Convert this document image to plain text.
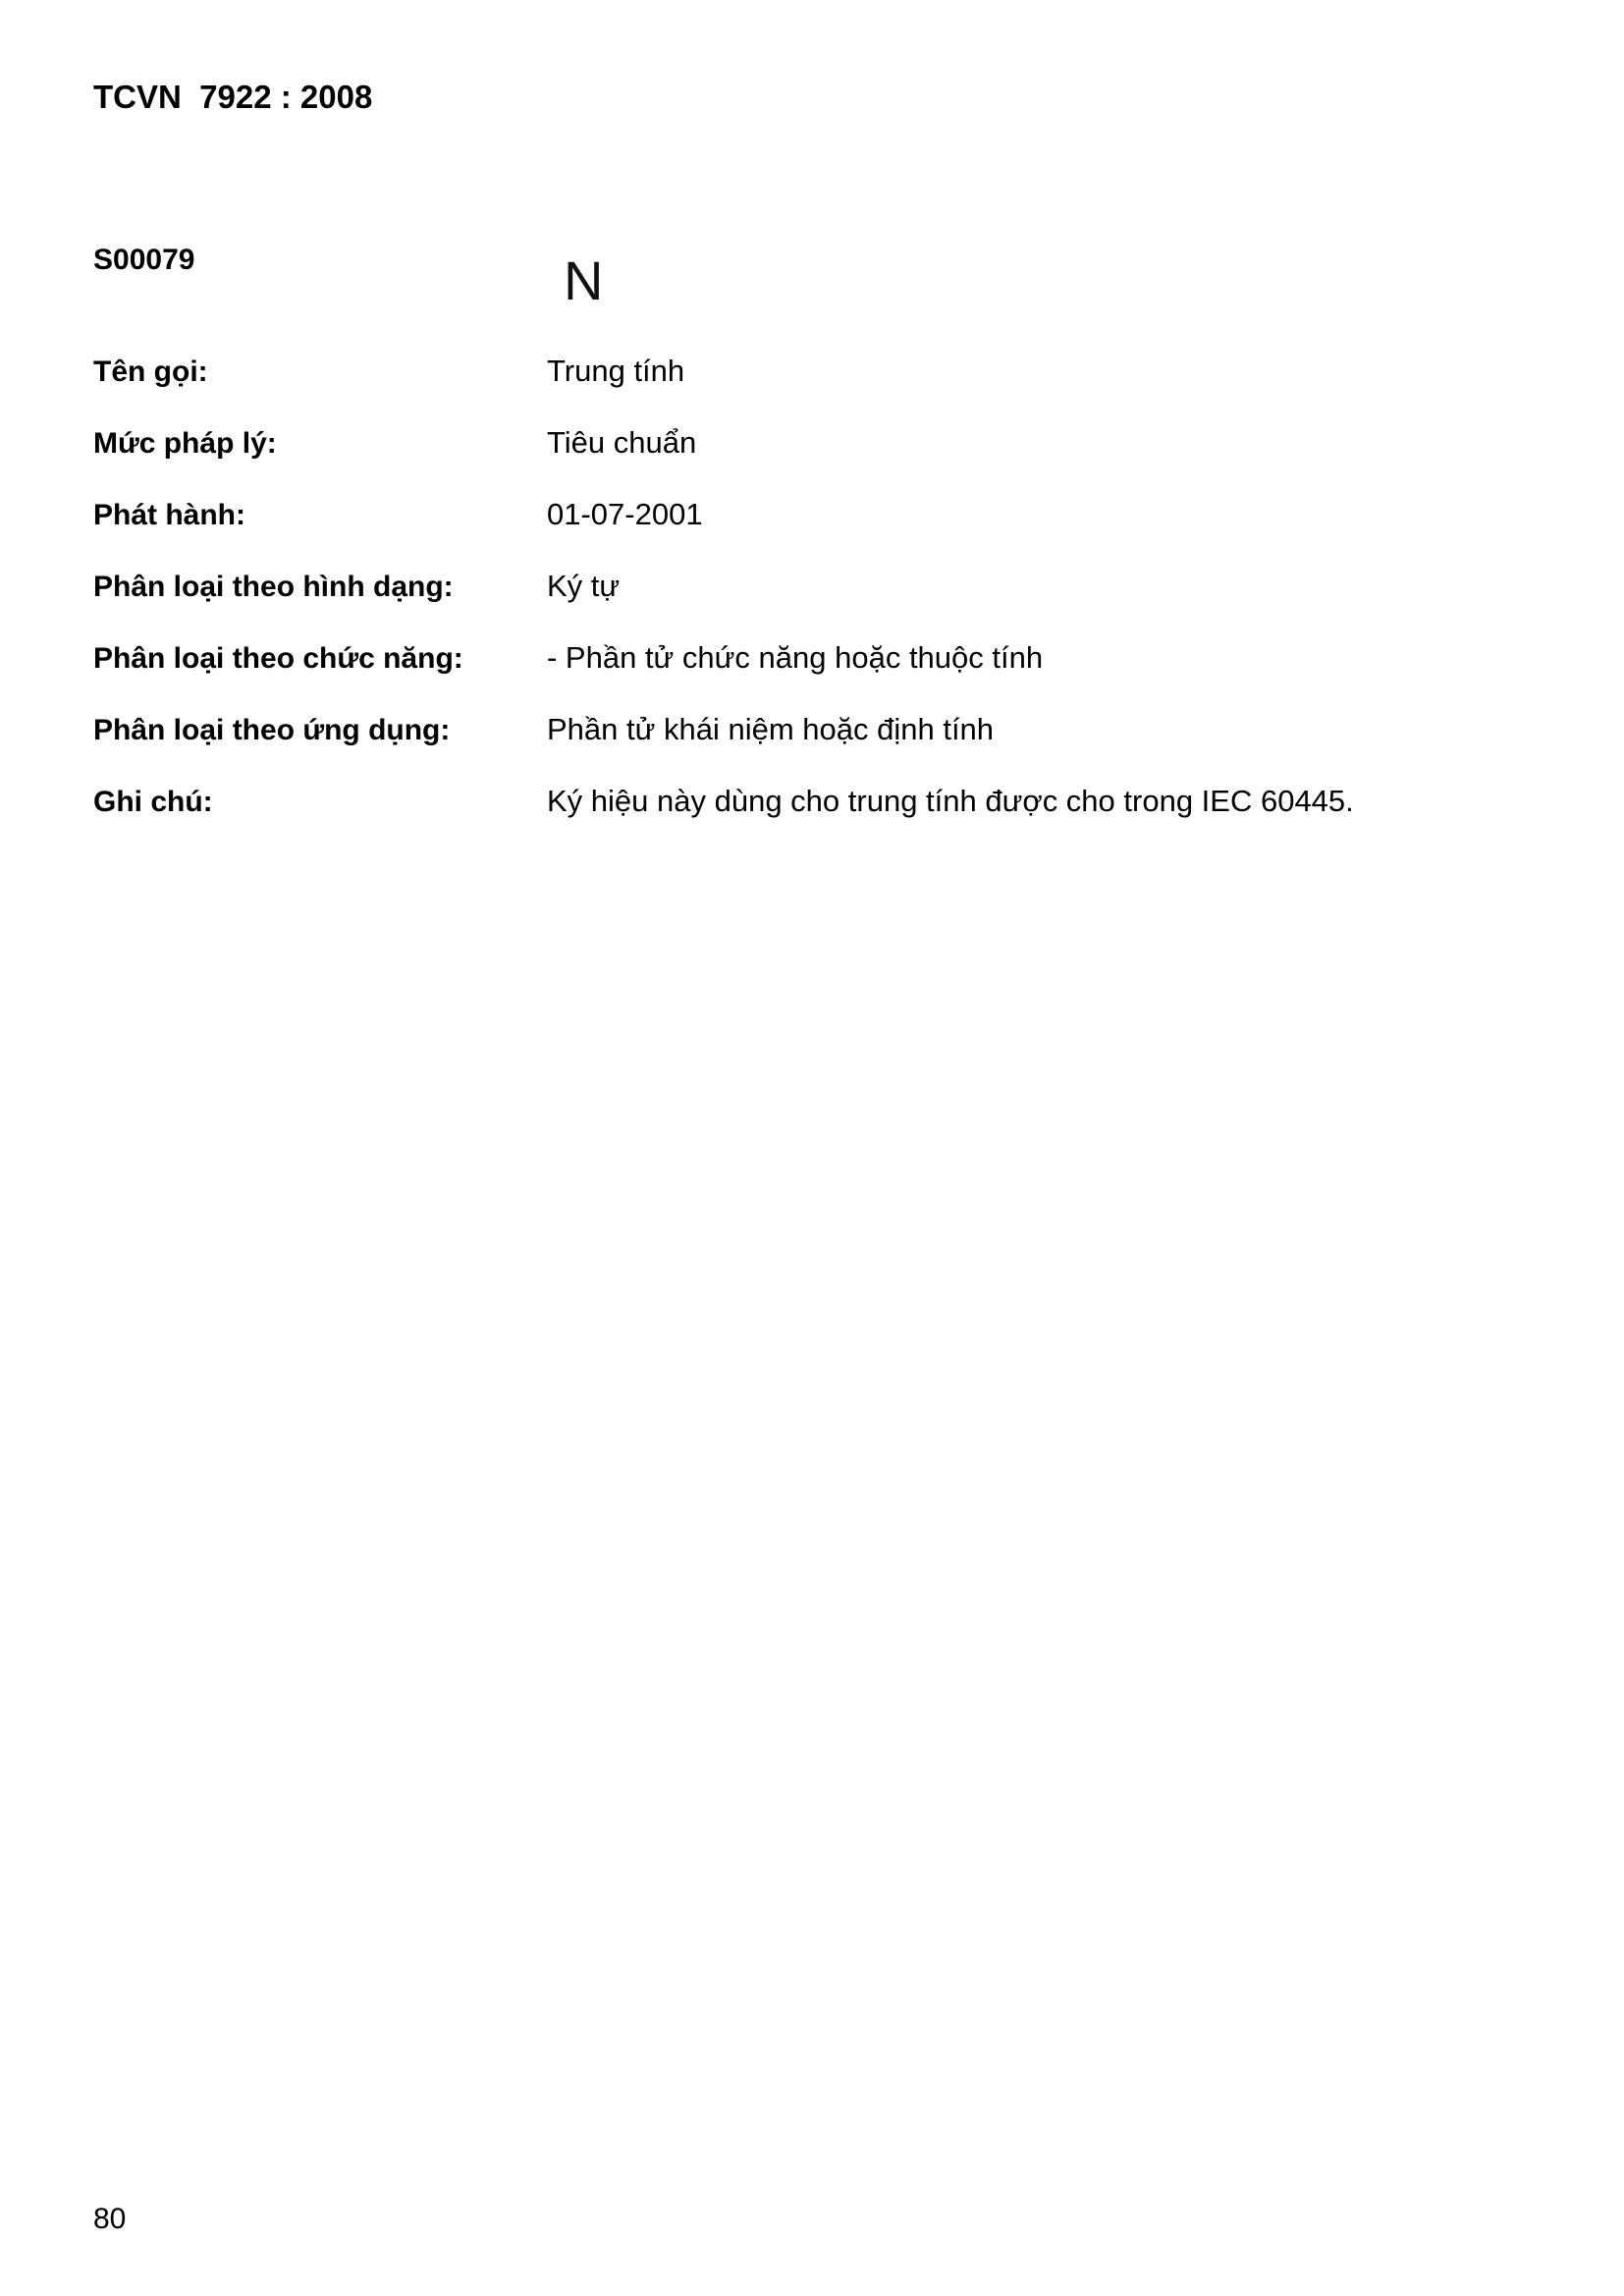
TCVN  7922 : 2008
S00079	N
Tên gọi:	Trung tính
Mức pháp lý:	Tiêu chuẩn
Phát hành:	01-07-2001
Phân loại theo hình dạng:	Ký tự
Phân loại theo chức năng:	- Phần tử chức năng hoặc thuộc tính
Phân loại theo ứng dụng:	Phần tử khái niệm hoặc định tính
Ghi chú:	Ký hiệu này dùng cho trung tính được cho trong IEC 60445.
80
